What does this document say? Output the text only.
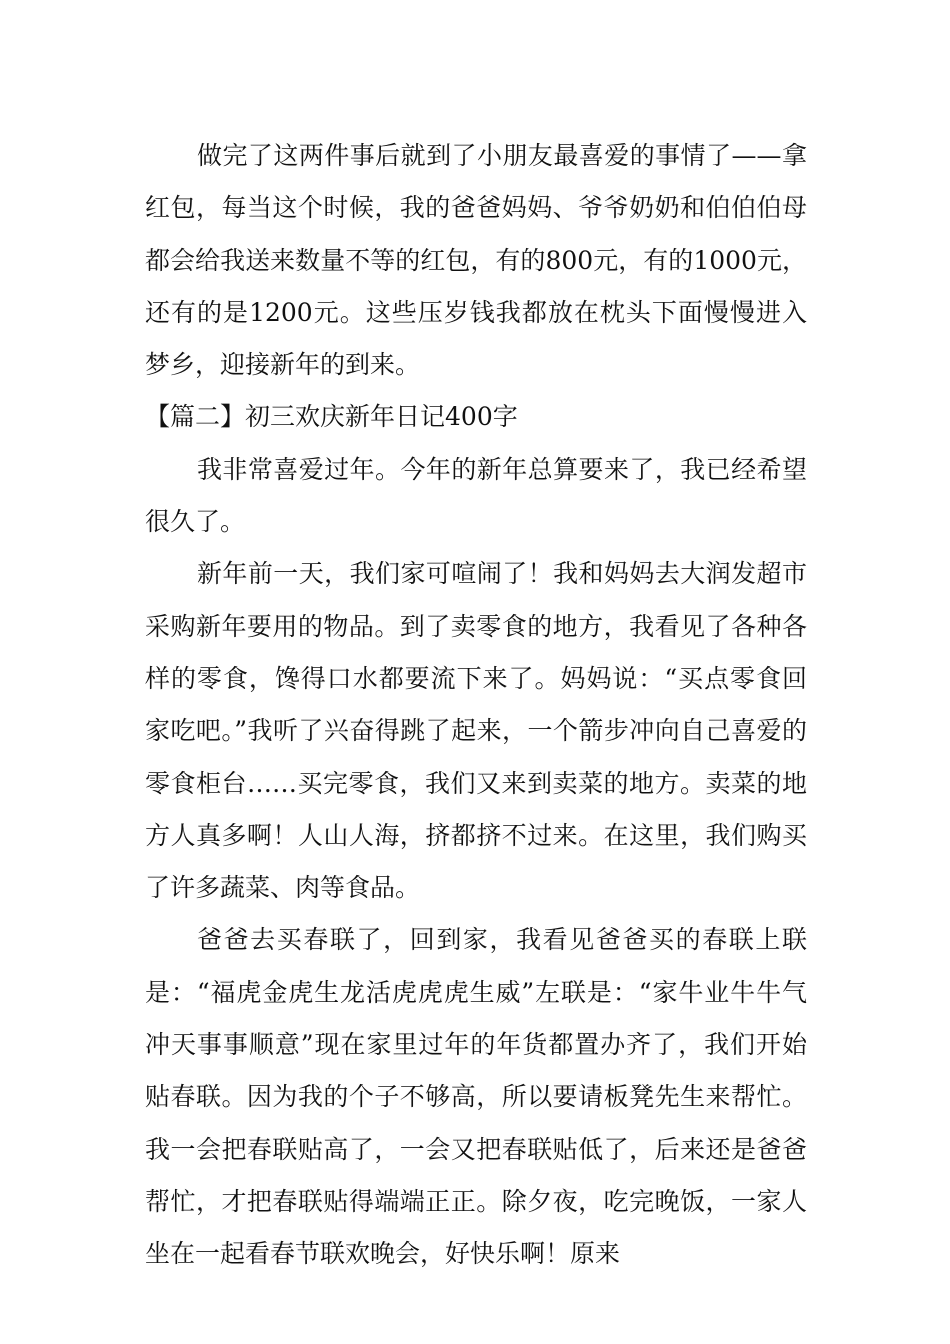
做完了这两件事后就到了小朋友最喜爱的事情了——拿红包，每当这个时候，我的爸爸妈妈、爷爷奶奶和伯伯伯母都会给我送来数量不等的红包，有的800元，有的1000元，还有的是1200元。这些压岁钱我都放在枕头下面慢慢进入梦乡，迎接新年的到来。

【篇二】初三欢庆新年日记400字

我非常喜爱过年。今年的新年总算要来了，我已经希望很久了。

新年前一天，我们家可喧闹了！我和妈妈去大润发超市采购新年要用的物品。到了卖零食的地方，我看见了各种各样的零食，馋得口水都要流下来了。妈妈说：“买点零食回家吃吧。”我听了兴奋得跳了起来，一个箭步冲向自己喜爱的零食柜台……买完零食，我们又来到卖菜的地方。卖菜的地方人真多啊！人山人海，挤都挤不过来。在这里，我们购买了许多蔬菜、肉等食品。

爸爸去买春联了，回到家，我看见爸爸买的春联上联是：“福虎金虎生龙活虎虎虎生威”左联是：“家牛业牛牛气冲天事事顺意”现在家里过年的年货都置办齐了，我们开始贴春联。因为我的个子不够高，所以要请板凳先生来帮忙。我一会把春联贴高了，一会又把春联贴低了，后来还是爸爸帮忙，才把春联贴得端端正正。除夕夜，吃完晚饭，一家人坐在一起看春节联欢晚会，好快乐啊！原来
